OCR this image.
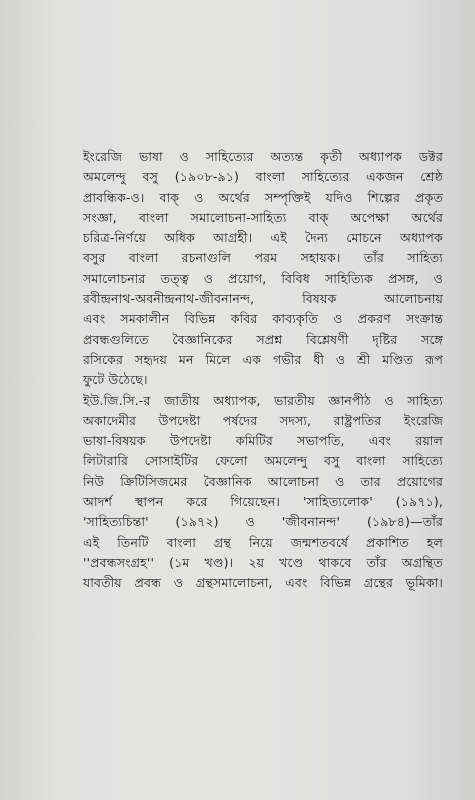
ইংরেজি ভাষা ও সাহিত্যের অত্যন্ত কৃতী অধ্যাপক ডক্টর
অমলেন্দু বসু (১৯০৮-৯১) বাংলা সাহিত্যের একজন শ্রেষ্ঠ
প্রাবন্ধিক-ও। বাক্‌ ও অর্থের সম্পৃক্তিই যদিও শিল্পের প্রকৃত
সংজ্ঞা, বাংলা সমালোচনা-সাহিত্য বাক্‌ অপেক্ষা অর্থের
চরিত্র-নির্ণয়ে অধিক আগ্রহী। এই দৈন্য মোচনে অধ্যাপক
বসুর বাংলা রচনাগুলি পরম সহায়ক। তাঁর সাহিত্য
সমালোচনার তত্ত্ব ও প্রয়োগ, বিবিধ সাহিত্যিক প্রসঙ্গ, ও
রবীন্দ্রনাথ-অবনীন্দ্রনাথ-জীবনানন্দ, বিষয়ক আলোচনায়
এবং সমকালীন বিভিন্ন কবির কাব্যকৃতি ও প্রকরণ সংক্রান্ত
প্রবন্ধগুলিতে বৈজ্ঞানিকের সপ্রশ্ন বিশ্লেষণী দৃষ্টির সঙ্গে
রসিকের সহৃদয় মন মিলে এক গভীর ধী ও শ্রী মণ্ডিত রূপ
ফুটে উঠেছে।
ইউ.জি.সি.-র জাতীয় অধ্যাপক, ভারতীয় জ্ঞানপীঠ ও সাহিত্য
অকাদেমীর উপদেষ্টা পর্ষদের সদস্য, রাষ্ট্রপতির ইংরেজি
ভাষা-বিষয়ক উপদেষ্টা কমিটির সভাপতি, এবং রয়াল
লিটারারি সোসাইটির ফেলো অমলেন্দু বসু বাংলা সাহিত্যে
নিউ ক্রিটিসিজমের বৈজ্ঞানিক আলোচনা ও তার প্রয়োগের
আদর্শ স্থাপন করে গিয়েছেন। 'সাহিত্যলোক' (১৯৭১),
'সাহিত্যচিন্তা' (১৯৭২) ও 'জীবনানন্দ' (১৯৮৪)—তাঁর
এই তিনটি বাংলা গ্রন্থ নিয়ে জন্মশতবর্ষে প্রকাশিত হল
''প্রবন্ধসংগ্রহ'' (১ম খণ্ড)। ২য় খণ্ডে থাকবে তাঁর অগ্রন্থিত
যাবতীয় প্রবন্ধ ও গ্রন্থসমালোচনা, এবং বিভিন্ন গ্রন্থের ভূমিকা।
